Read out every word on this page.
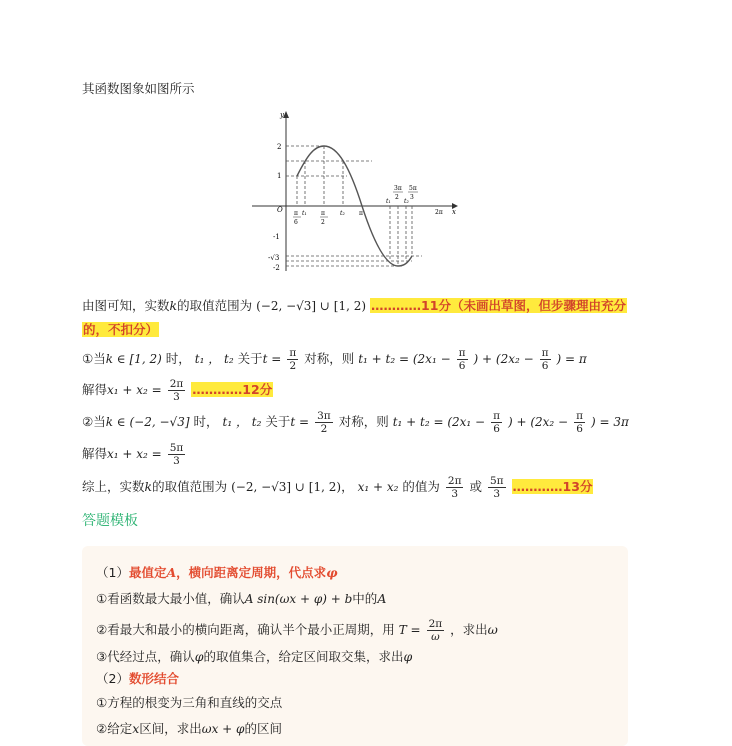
其函数图象如图所示
y
x
O
2
1
-1
-√3
-2
π
6
t₁ π
2
t₂ π
t₁
3π
2
t₂
5π
3
2π
由图可知，实数k的取值范围为 (−2, −√3] ∪ [1, 2) …………11分（未画出草图，但步骤理由充分
的，不扣分）
①当k ∈ [1, 2) 时， t₁ ， t₂ 关于$t = \frac{\pi}{2}$ 对称，则 $t_1 + t_2 = (2x_1 - \frac{\pi}{6}$ ) + ($2x_2 - \frac{\pi}{6}$ ) = π
解得$x_1 + x_2 = \frac{2\pi}{3}$ …………12分
②当k ∈ (−2, −√3] 时， t₁ ， t₂ 关于$t = \frac{3\pi}{2}$ 对称，则 $t_1 + t_2 = (2x_1 - \frac{\pi}{6}$ ) + ($2x_2 - \frac{\pi}{6}$ ) = 3π
解得$x_1 + x_2 = \frac{5\pi}{3}$
综上，实数k的取值范围为 (−2, −√3] ∪ [1, 2)， x₁ + x₂ 的值为 $\frac{2\pi}{3}$ 或 $\frac{5\pi}{3}$ …………13分
答题模板
（1）最值定A，横向距离定周期，代点求φ
①看函数最大最小值，确认A sin(ωx + φ) + b中的A
②看最大和最小的横向距离，确认半个最小正周期，用 $T = \frac{2\pi}{\omega}$ ，求出ω
③代经过点，确认φ的取值集合，给定区间取交集，求出φ
（2）数形结合
①方程的根变为三角和直线的交点
②给定x区间，求出ωx + φ的区间
